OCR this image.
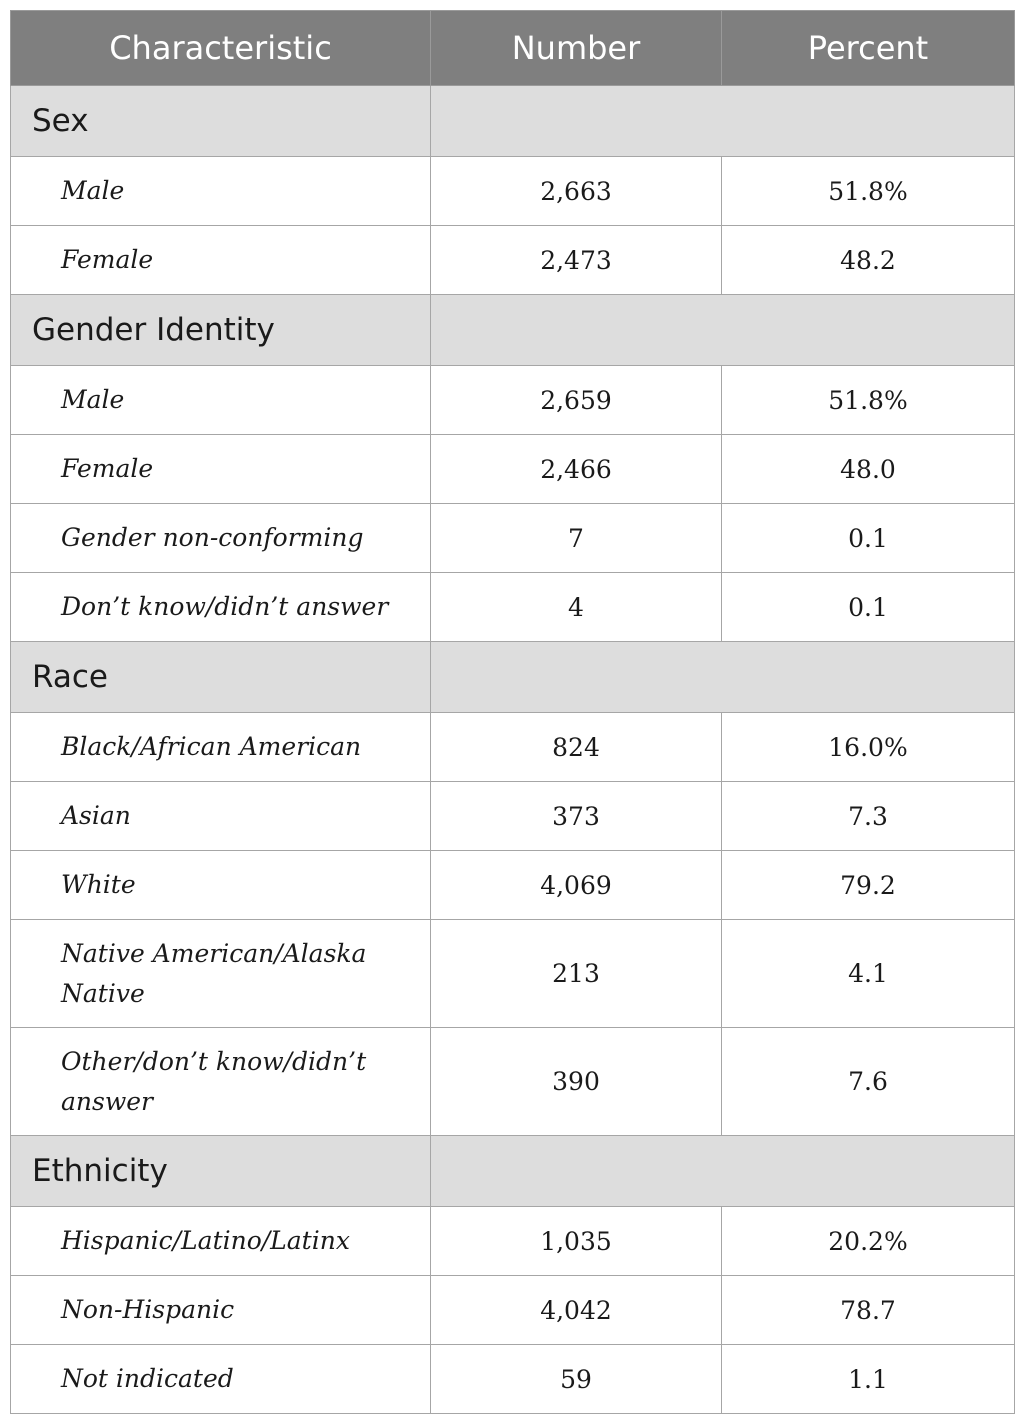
Characteristic	Number	Percent
Sex		
Male	2,663	51.8%
Female	2,473	48.2
Gender Identity		
Male	2,659	51.8%
Female	2,466	48.0
Gender non-conforming	7	0.1
Don’t know/didn’t answer	4	0.1
Race		
Black/African American	824	16.0%
Asian	373	7.3
White	4,069	79.2
Native American/Alaska Native	213	4.1
Other/don’t know/didn’t answer	390	7.6
Ethnicity		
Hispanic/Latino/Latinx	1,035	20.2%
Non-Hispanic	4,042	78.7
Not indicated	59	1.1
